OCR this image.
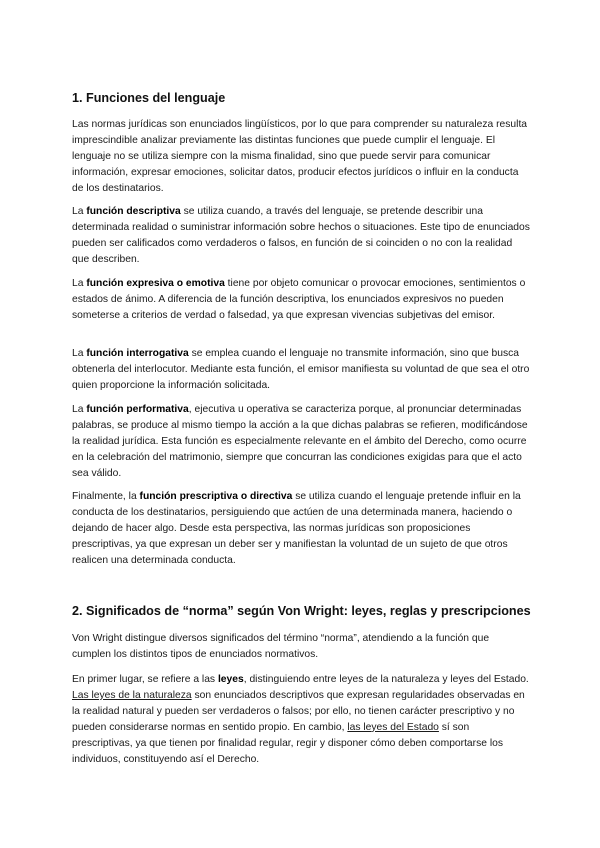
1. Funciones del lenguaje

Las normas jurídicas son enunciados lingüísticos, por lo que para comprender su naturaleza resulta imprescindible analizar previamente las distintas funciones que puede cumplir el lenguaje. El lenguaje no se utiliza siempre con la misma finalidad, sino que puede servir para comunicar información, expresar emociones, solicitar datos, producir efectos jurídicos o influir en la conducta de los destinatarios.

La función descriptiva se utiliza cuando, a través del lenguaje, se pretende describir una determinada realidad o suministrar información sobre hechos o situaciones. Este tipo de enunciados pueden ser calificados como verdaderos o falsos, en función de si coinciden o no con la realidad que describen.

La función expresiva o emotiva tiene por objeto comunicar o provocar emociones, sentimientos o estados de ánimo. A diferencia de la función descriptiva, los enunciados expresivos no pueden someterse a criterios de verdad o falsedad, ya que expresan vivencias subjetivas del emisor.

La función interrogativa se emplea cuando el lenguaje no transmite información, sino que busca obtenerla del interlocutor. Mediante esta función, el emisor manifiesta su voluntad de que sea el otro quien proporcione la información solicitada.

La función performativa, ejecutiva u operativa se caracteriza porque, al pronunciar determinadas palabras, se produce al mismo tiempo la acción a la que dichas palabras se refieren, modificándose la realidad jurídica. Esta función es especialmente relevante en el ámbito del Derecho, como ocurre en la celebración del matrimonio, siempre que concurran las condiciones exigidas para que el acto sea válido.

Finalmente, la función prescriptiva o directiva se utiliza cuando el lenguaje pretende influir en la conducta de los destinatarios, persiguiendo que actúen de una determinada manera, haciendo o dejando de hacer algo. Desde esta perspectiva, las normas jurídicas son proposiciones prescriptivas, ya que expresan un deber ser y manifiestan la voluntad de un sujeto de que otros realicen una determinada conducta.

2. Significados de “norma” según Von Wright: leyes, reglas y prescripciones

Von Wright distingue diversos significados del término “norma”, atendiendo a la función que cumplen los distintos tipos de enunciados normativos.

En primer lugar, se refiere a las leyes, distinguiendo entre leyes de la naturaleza y leyes del Estado. Las leyes de la naturaleza son enunciados descriptivos que expresan regularidades observadas en la realidad natural y pueden ser verdaderos o falsos; por ello, no tienen carácter prescriptivo y no pueden considerarse normas en sentido propio. En cambio, las leyes del Estado sí son prescriptivas, ya que tienen por finalidad regular, regir y disponer cómo deben comportarse los individuos, constituyendo así el Derecho.
